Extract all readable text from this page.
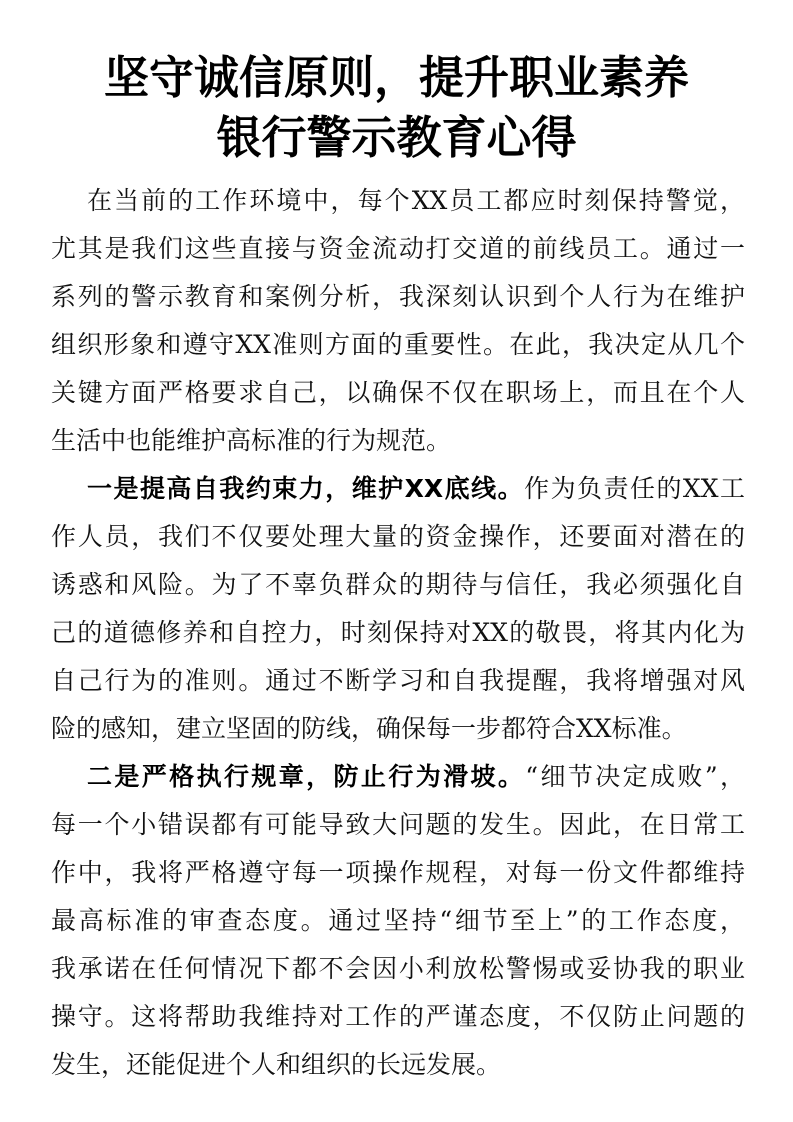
坚守诚信原则，提升职业素养
银行警示教育心得
在当前的工作环境中，每个XX员工都应时刻保持警觉，
尤其是我们这些直接与资金流动打交道的前线员工。通过一
系列的警示教育和案例分析，我深刻认识到个人行为在维护
组织形象和遵守XX准则方面的重要性。在此，我决定从几个
关键方面严格要求自己，以确保不仅在职场上，而且在个人
生活中也能维护高标准的行为规范。
一是提高自我约束力，维护XX底线。作为负责任的XX工
作人员，我们不仅要处理大量的资金操作，还要面对潜在的
诱惑和风险。为了不辜负群众的期待与信任，我必须强化自
己的道德修养和自控力，时刻保持对XX的敬畏，将其内化为
自己行为的准则。通过不断学习和自我提醒，我将增强对风
险的感知，建立坚固的防线，确保每一步都符合XX标准。
二是严格执行规章，防止行为滑坡。“细节决定成败”，
每一个小错误都有可能导致大问题的发生。因此，在日常工
作中，我将严格遵守每一项操作规程，对每一份文件都维持
最高标准的审查态度。通过坚持“细节至上”的工作态度，
我承诺在任何情况下都不会因小利放松警惕或妥协我的职业
操守。这将帮助我维持对工作的严谨态度，不仅防止问题的
发生，还能促进个人和组织的长远发展。
